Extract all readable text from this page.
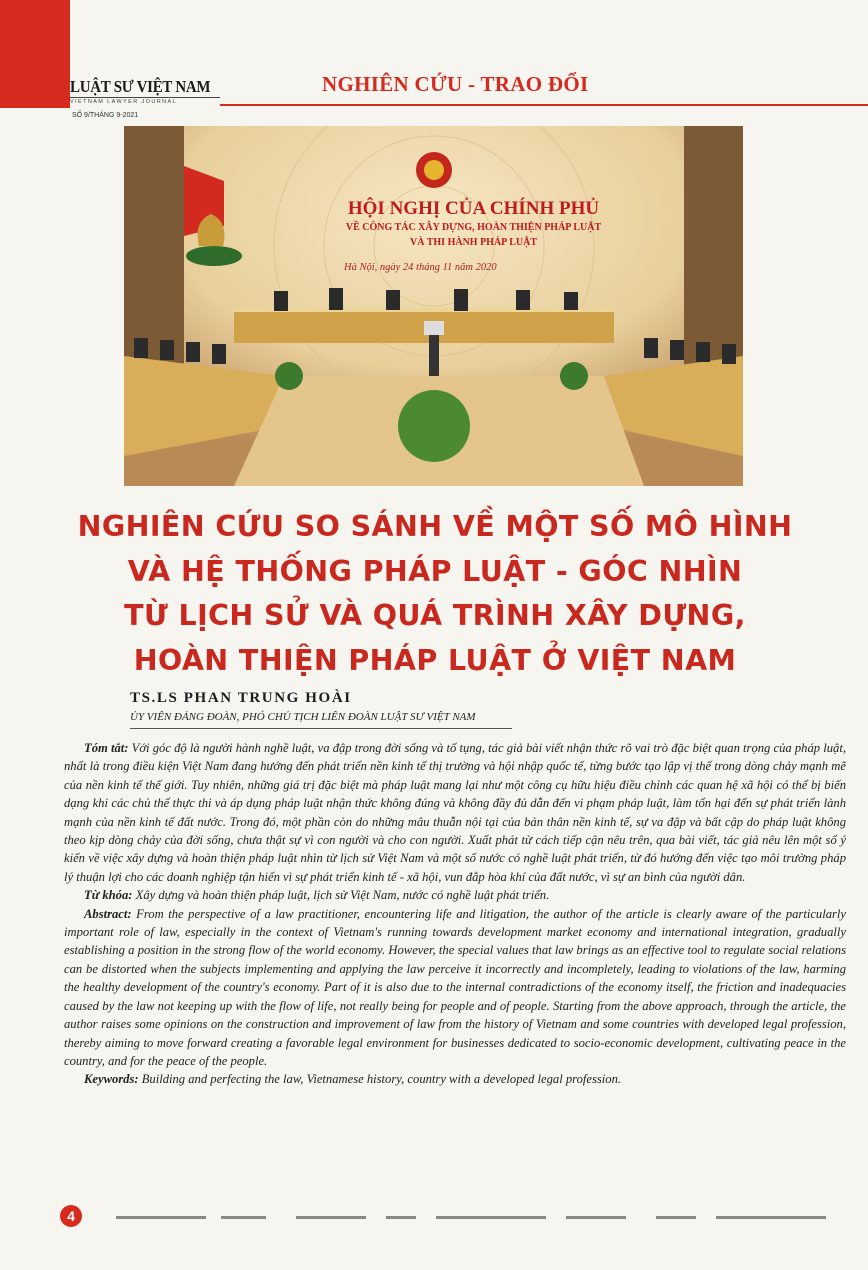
LUẬT SƯ VIỆT NAM
VIETNAM LAWYER JOURNAL
SỐ 9/THÁNG 9-2021
NGHIÊN CỨU - TRAO ĐỔI
HỘI NGHỊ CỦA CHÍNH PHỦ
VỀ CÔNG TÁC XÂY DỰNG, HOÀN THIỆN PHÁP LUẬT
VÀ THI HÀNH PHÁP LUẬT
Hà Nội, ngày 24 tháng 11 năm 2020
NGHIÊN CỨU SO SÁNH VỀ MỘT SỐ MÔ HÌNH
VÀ HỆ THỐNG PHÁP LUẬT - GÓC NHÌN
TỪ LỊCH SỬ VÀ QUÁ TRÌNH XÂY DỰNG,
HOÀN THIỆN PHÁP LUẬT Ở VIỆT NAM
TS.LS PHAN TRUNG HOÀI
ỦY VIÊN ĐẢNG ĐOÀN, PHÓ CHỦ TỊCH LIÊN ĐOÀN LUẬT SƯ VIỆT NAM

Tóm tắt: Với góc độ là người hành nghề luật, va đập trong đời sống và tố tụng, tác giả bài viết nhận thức rõ vai trò đặc biệt quan trọng của pháp luật, nhất là trong điều kiện Việt Nam đang hướng đến phát triển nền kinh tế thị trường và hội nhập quốc tế, từng bước tạo lập vị thế trong dòng chảy mạnh mẽ của nền kinh tế thế giới. Tuy nhiên, những giá trị đặc biệt mà pháp luật mang lại như một công cụ hữu hiệu điều chỉnh các quan hệ xã hội có thể bị biến dạng khi các chủ thể thực thi và áp dụng pháp luật nhận thức không đúng và không đầy đủ dẫn đến vi phạm pháp luật, làm tổn hại đến sự phát triển lành mạnh của nền kinh tế đất nước. Trong đó, một phần còn do những mâu thuẫn nội tại của bản thân nền kinh tế, sự va đập và bất cập do pháp luật không theo kịp dòng chảy của đời sống, chưa thật sự vì con người và cho con người. Xuất phát từ cách tiếp cận nêu trên, qua bài viết, tác giả nêu lên một số ý kiến về việc xây dựng và hoàn thiện pháp luật nhìn từ lịch sử Việt Nam và một số nước có nghề luật phát triển, từ đó hướng đến việc tạo môi trường pháp lý thuận lợi cho các doanh nghiệp tận hiến vì sự phát triển kinh tế - xã hội, vun đắp hòa khí của đất nước, vì sự an bình của người dân.

Từ khóa: Xây dựng và hoàn thiện pháp luật, lịch sử Việt Nam, nước có nghề luật phát triển.

Abstract: From the perspective of a law practitioner, encountering life and litigation, the author of the article is clearly aware of the particularly important role of law, especially in the context of Vietnam's running towards development market economy and international integration, gradually establishing a position in the strong flow of the world economy. However, the special values that law brings as an effective tool to regulate social relations can be distorted when the subjects implementing and applying the law perceive it incorrectly and incompletely, leading to violations of the law, harming the healthy development of the country's economy. Part of it is also due to the internal contradictions of the economy itself, the friction and inadequacies caused by the law not keeping up with the flow of life, not really being for people and of people. Starting from the above approach, through the article, the author raises some opinions on the construction and improvement of law from the history of Vietnam and some countries with developed legal profession, thereby aiming to move forward creating a favorable legal environment for businesses dedicated to socio-economic development, cultivating peace in the country, and for the peace of the people.

Keywords: Building and perfecting the law, Vietnamese history, country with a developed legal profession.

4
